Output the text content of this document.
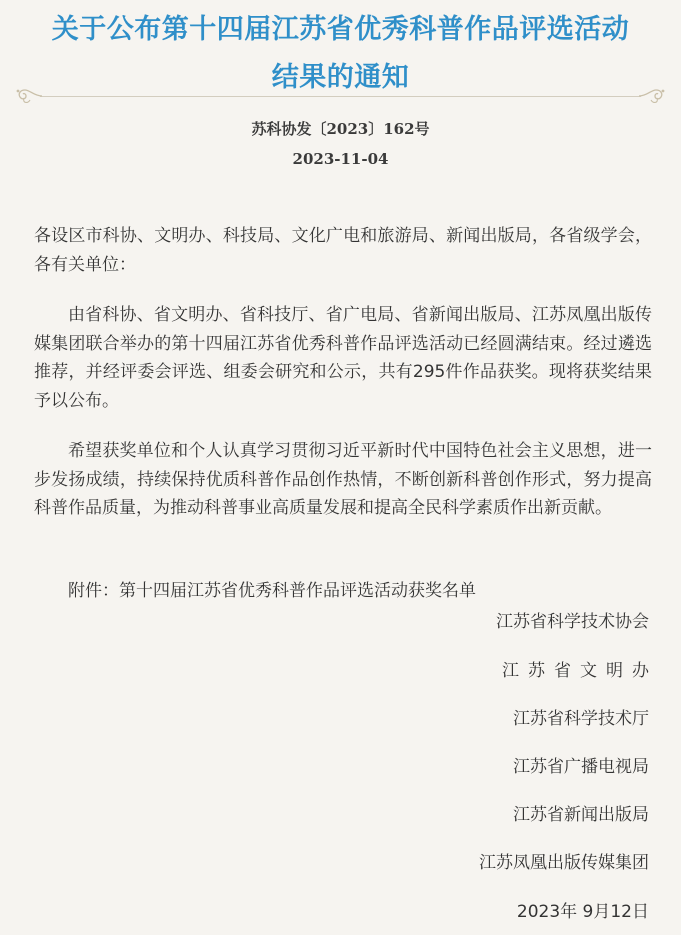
关于公布第十四届江苏省优秀科普作品评选活动
结果的通知
苏科协发〔2023〕162号
2023-11-04

各设区市科协、文明办、科技局、文化广电和旅游局、新闻出版局，各省级学会，各有关单位：

由省科协、省文明办、省科技厅、省广电局、省新闻出版局、江苏凤凰出版传媒集团联合举办的第十四届江苏省优秀科普作品评选活动已经圆满结束。经过遴选推荐，并经评委会评选、组委会研究和公示，共有295件作品获奖。现将获奖结果予以公布。

希望获奖单位和个人认真学习贯彻习近平新时代中国特色社会主义思想，进一步发扬成绩，持续保持优质科普作品创作热情，不断创新科普创作形式，努力提高科普作品质量，为推动科普事业高质量发展和提高全民科学素质作出新贡献。

附件：第十四届江苏省优秀科普作品评选活动获奖名单

江苏省科学技术协会
江苏省文明办
江苏省科学技术厅
江苏省广播电视局
江苏省新闻出版局
江苏凤凰出版传媒集团
2023年 9月12日
